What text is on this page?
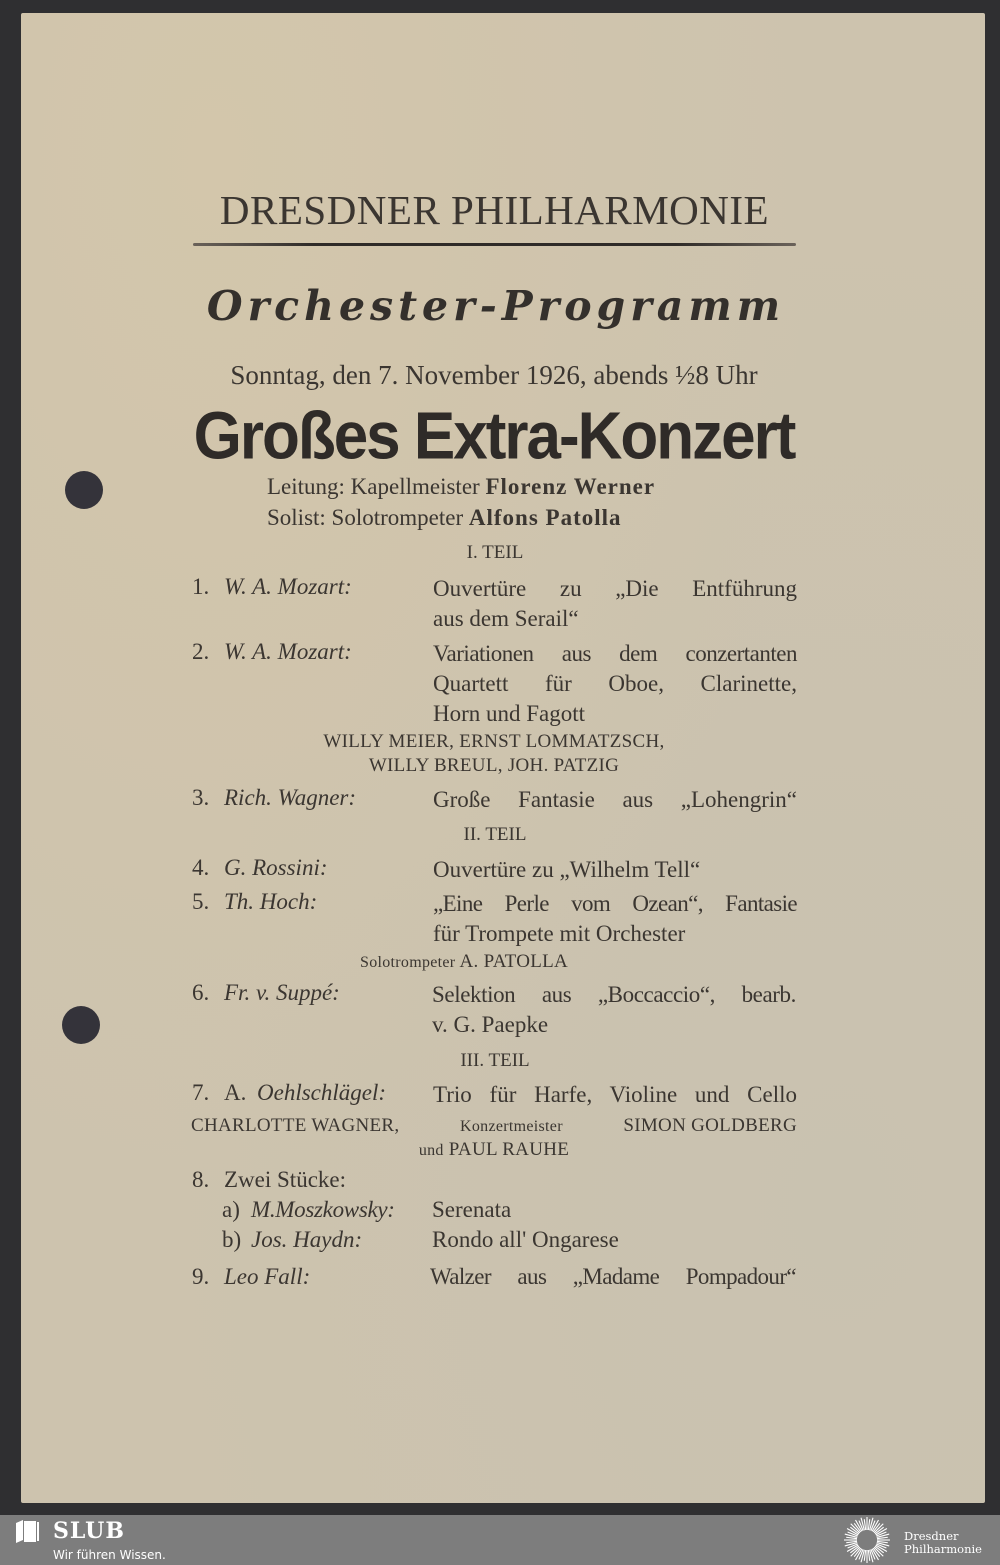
DRESDNER PHILHARMONIE
Orchester-Programm
Sonntag, den 7. November 1926, abends ½8 Uhr
Großes Extra-Konzert
Leitung: Kapellmeister Florenz Werner
Solist: Solotrompeter Alfons Patolla
I. TEIL
1. W. A. Mozart:	Ouvertüre zu „Die Entführung
aus dem Serail“
2. W. A. Mozart:	Variationen aus dem conzertanten
Quartett für Oboe, Clarinette,
Horn und Fagott
WILLY MEIER, ERNST LOMMATZSCH,
WILLY BREUL, JOH. PATZIG
3. Rich. Wagner:	Große Fantasie aus „Lohengrin“
II. TEIL
4. G. Rossini:	Ouvertüre zu „Wilhelm Tell“
5. Th. Hoch:	„Eine Perle vom Ozean“, Fantasie
für Trompete mit Orchester
Solotrompeter A. PATOLLA
6. Fr. v. Suppé:	Selektion aus „Boccaccio“, bearb.
v. G. Paepke
III. TEIL
7. A. Oehlschlägel: Trio für Harfe, Violine und Cello
CHARLOTTE WAGNER,	Konzertmeister	SIMON GOLDBERG
und PAUL RAUHE
8. Zwei Stücke:
a) M.Moszkowsky: Serenata
b) Jos. Haydn:	Rondo all' Ongarese
9. Leo Fall:	Walzer aus „Madame Pompadour“
SLUB
Wir führen Wissen.
Dresdner
Philharmonie
